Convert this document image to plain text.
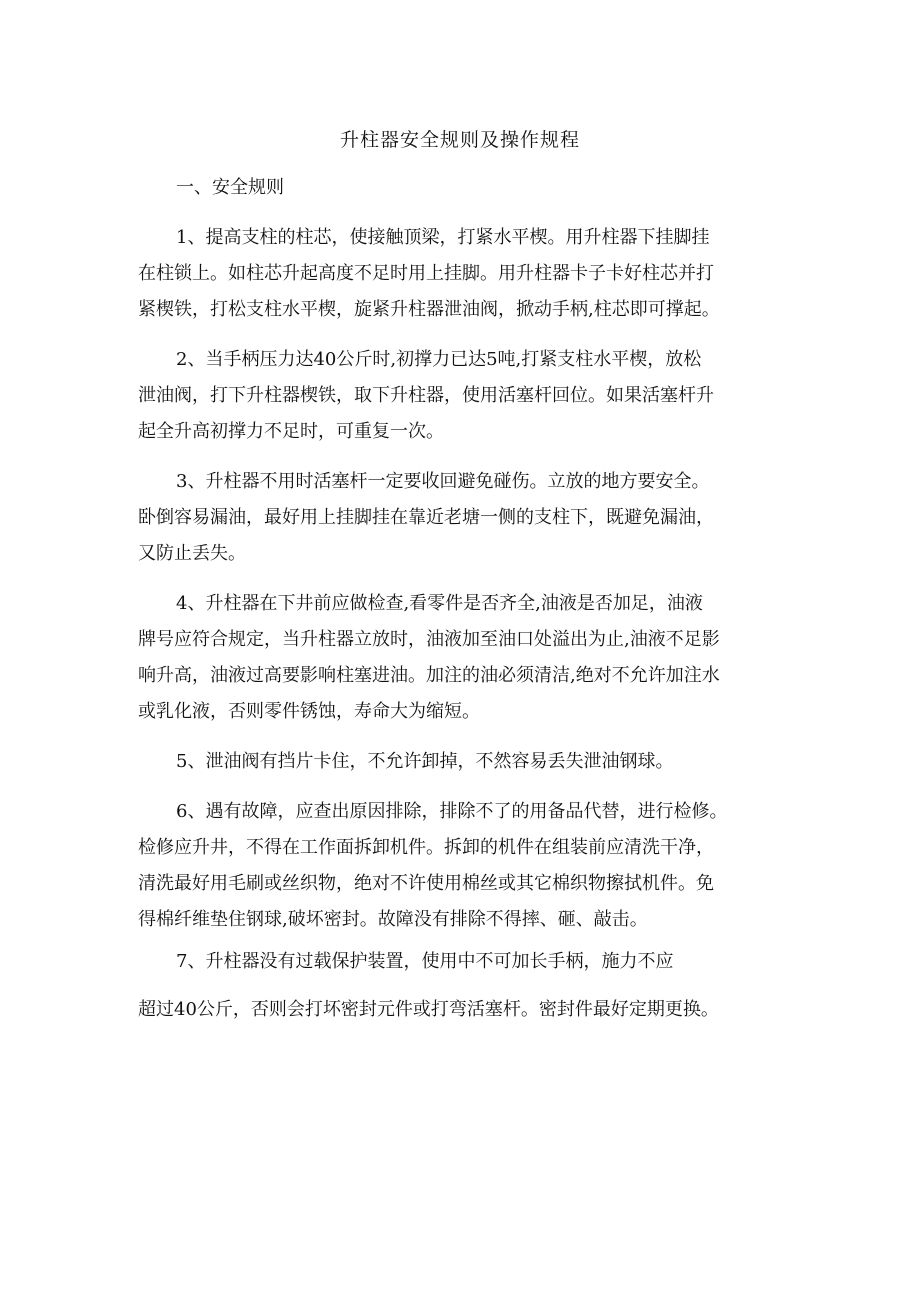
升柱器安全规则及操作规程
一、安全规则
1、提高支柱的柱芯，使接触顶梁，打紧水平楔。用升柱器下挂脚挂
在柱锁上。如柱芯升起高度不足时用上挂脚。用升柱器卡子卡好柱芯并打
紧楔铁，打松支柱水平楔，旋紧升柱器泄油阀，掀动手柄,柱芯即可撑起。
2、当手柄压力达40公斤时,初撑力已达5吨,打紧支柱水平楔，放松
泄油阀，打下升柱器楔铁，取下升柱器，使用活塞杆回位。如果活塞杆升
起全升高初撑力不足时，可重复一次。
3、升柱器不用时活塞杆一定要收回避免碰伤。立放的地方要安全。
卧倒容易漏油，最好用上挂脚挂在靠近老塘一侧的支柱下，既避免漏油，
又防止丢失。
4、升柱器在下井前应做检查,看零件是否齐全,油液是否加足，油液
牌号应符合规定，当升柱器立放时，油液加至油口处溢出为止,油液不足影
响升高，油液过高要影响柱塞进油。加注的油必须清洁,绝对不允许加注水
或乳化液，否则零件锈蚀，寿命大为缩短。
5、泄油阀有挡片卡住，不允许卸掉，不然容易丢失泄油钢球。
6、遇有故障，应查出原因排除，排除不了的用备品代替，进行检修。
检修应升井，不得在工作面拆卸机件。拆卸的机件在组装前应清洗干净，
清洗最好用毛刷或丝织物，绝对不许使用棉丝或其它棉织物擦拭机件。免
得棉纤维垫住钢球,破坏密封。故障没有排除不得摔、砸、敲击。
7、升柱器没有过载保护装置，使用中不可加长手柄，施力不应
超过40公斤，否则会打坏密封元件或打弯活塞杆。密封件最好定期更换。
